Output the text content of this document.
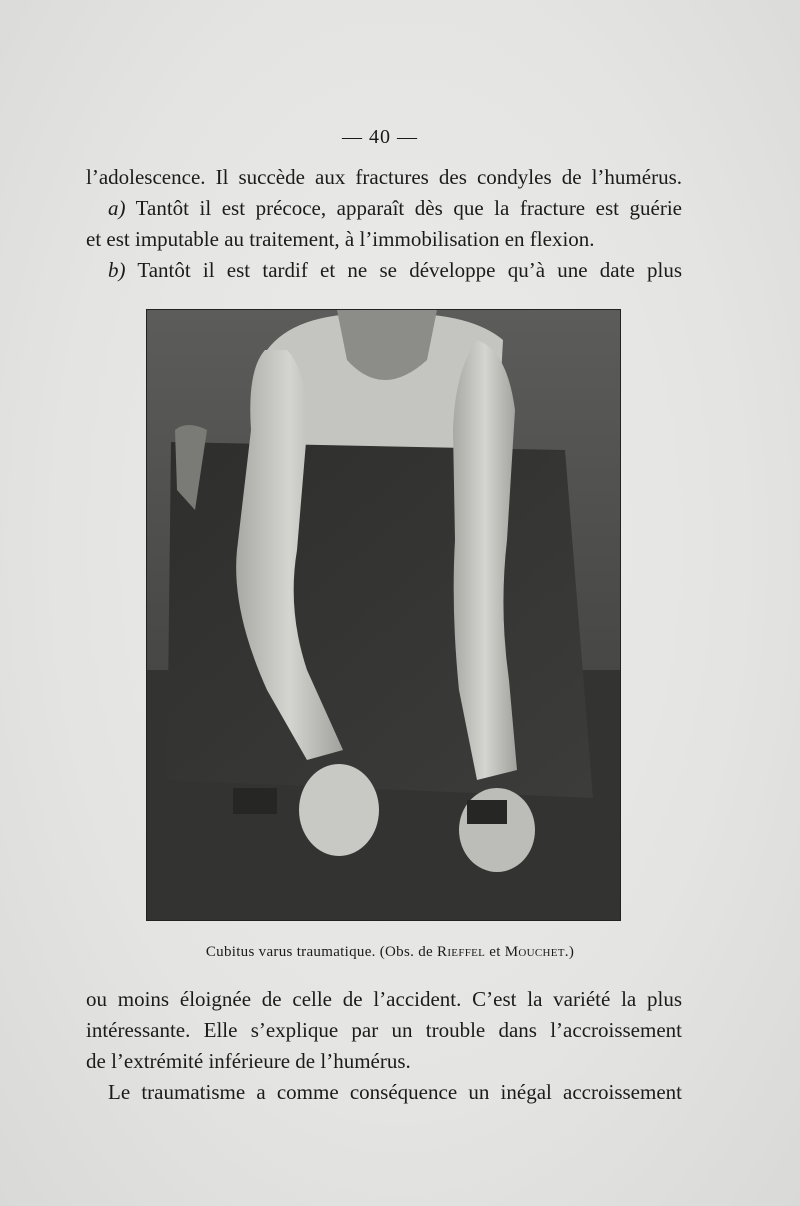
— 40 —
l’adolescence. Il succède aux fractures des condyles de l’humérus.
a) Tantôt il est précoce, apparaît dès que la fracture est guérie
et est imputable au traitement, à l’immobilisation en flexion.
b) Tantôt il est tardif et ne se développe qu’à une date plus
Cubitus varus traumatique. (Obs. de Rieffel et Mouchet.)
ou moins éloignée de celle de l’accident. C’est la variété la plus
intéressante. Elle s’explique par un trouble dans l’accroissement
de l’extrémité inférieure de l’humérus.
Le traumatisme a comme conséquence un inégal accroissement
